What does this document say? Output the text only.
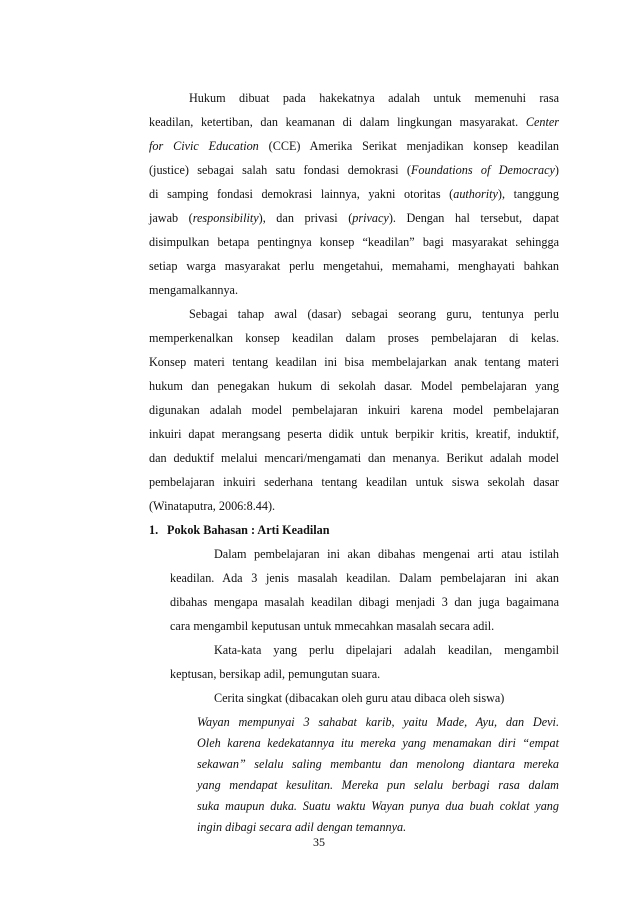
Hukum dibuat pada hakekatnya adalah untuk memenuhi rasa
keadilan, ketertiban, dan keamanan di dalam lingkungan masyarakat. Center
for Civic Education (CCE) Amerika Serikat menjadikan konsep keadilan
(justice) sebagai salah satu fondasi demokrasi (Foundations of Democracy)
di samping fondasi demokrasi lainnya, yakni otoritas (authority), tanggung
jawab (responsibility), dan privasi (privacy). Dengan hal tersebut, dapat
disimpulkan betapa pentingnya konsep “keadilan” bagi masyarakat sehingga
setiap warga masyarakat perlu mengetahui, memahami, menghayati bahkan
mengamalkannya.
Sebagai tahap awal (dasar) sebagai seorang guru, tentunya perlu
memperkenalkan konsep keadilan dalam proses pembelajaran di kelas.
Konsep materi tentang keadilan ini bisa membelajarkan anak tentang materi
hukum dan penegakan hukum di sekolah dasar. Model pembelajaran yang
digunakan adalah model pembelajaran inkuiri karena model pembelajaran
inkuiri dapat merangsang peserta didik untuk berpikir kritis, kreatif, induktif,
dan deduktif melalui mencari/mengamati dan menanya. Berikut adalah model
pembelajaran inkuiri sederhana tentang keadilan untuk siswa sekolah dasar
(Winataputra, 2006:8.44).
1. Pokok Bahasan : Arti Keadilan
Dalam pembelajaran ini akan dibahas mengenai arti atau istilah
keadilan. Ada 3 jenis masalah keadilan. Dalam pembelajaran ini akan
dibahas mengapa masalah keadilan dibagi menjadi 3 dan juga bagaimana
cara mengambil keputusan untuk mmecahkan masalah secara adil.
Kata-kata yang perlu dipelajari adalah keadilan, mengambil
keptusan, bersikap adil, pemungutan suara.
Cerita singkat (dibacakan oleh guru atau dibaca oleh siswa)
Wayan mempunyai 3 sahabat karib, yaitu Made, Ayu, dan Devi.
Oleh karena kedekatannya itu mereka yang menamakan diri “empat
sekawan” selalu saling membantu dan menolong diantara mereka
yang mendapat kesulitan. Mereka pun selalu berbagi rasa dalam
suka maupun duka. Suatu waktu Wayan punya dua buah coklat yang
ingin dibagi secara adil dengan temannya.
35
